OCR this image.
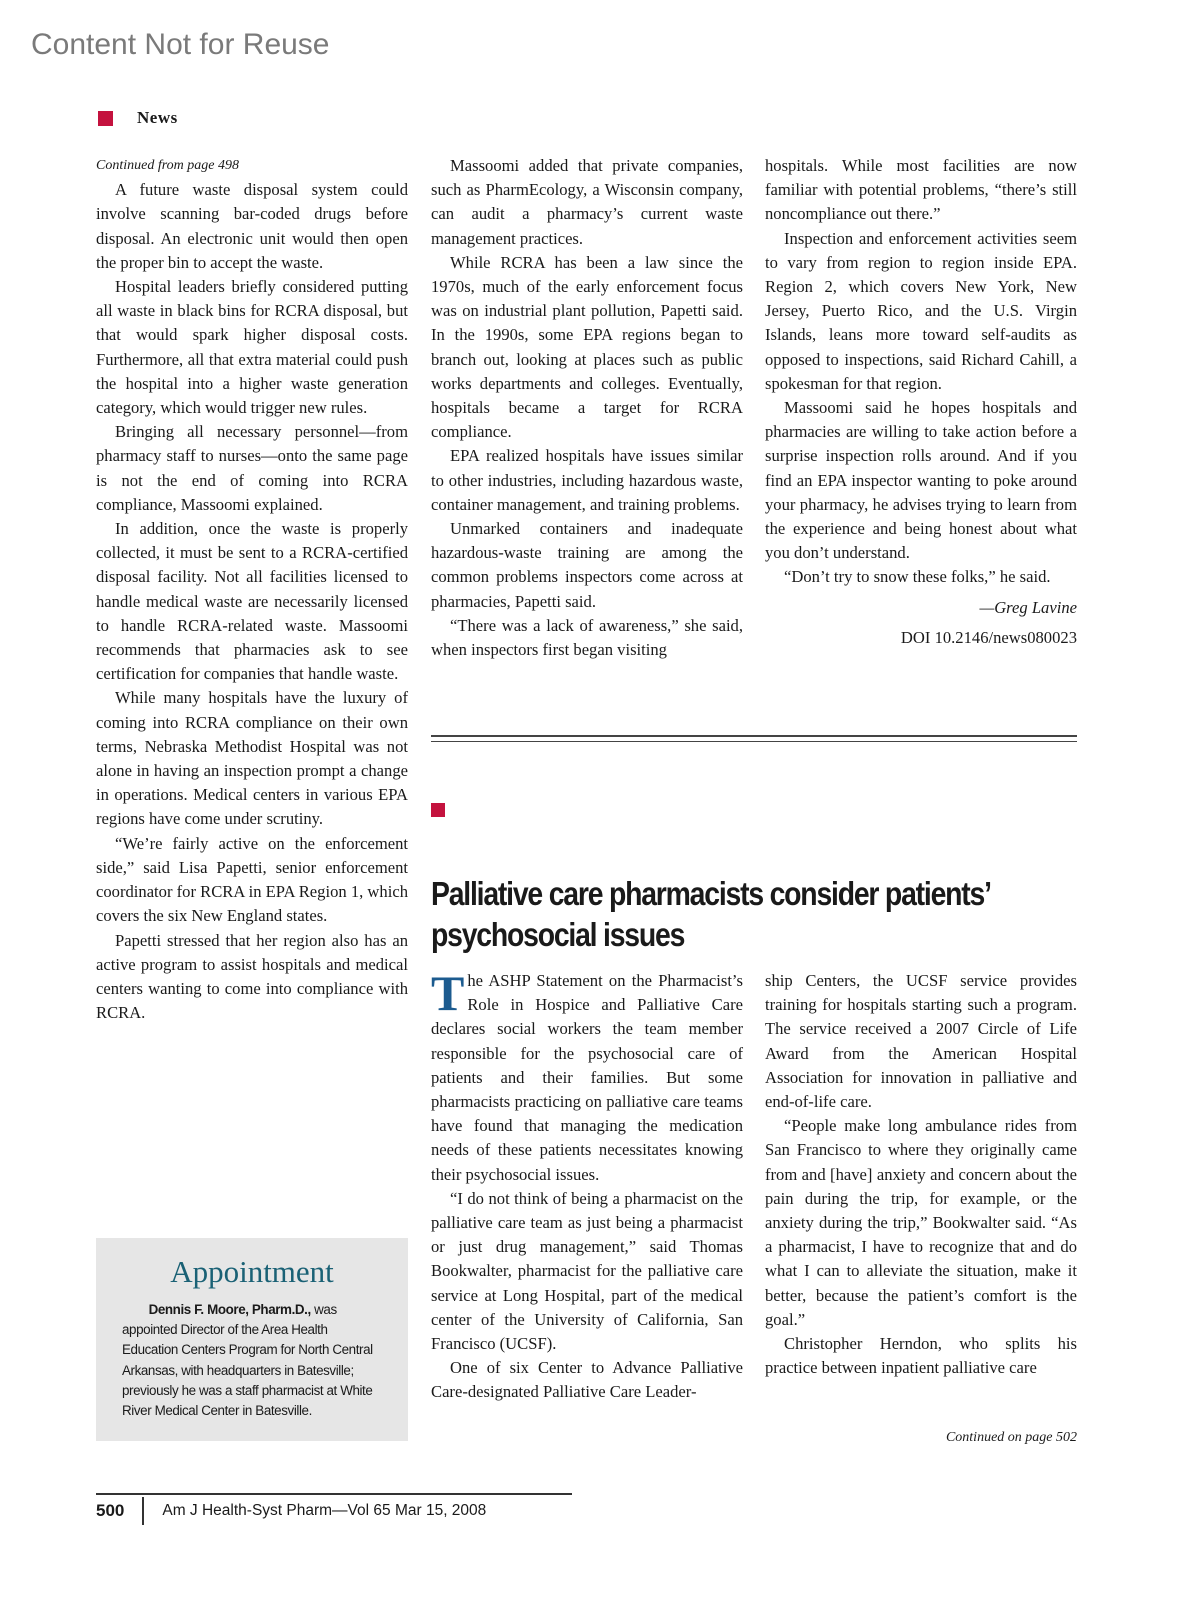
Content Not for Reuse
News

Continued from page 498

A future waste disposal system could involve scanning bar-coded drugs before disposal. An electronic unit would then open the proper bin to accept the waste.

Hospital leaders briefly considered putting all waste in black bins for RCRA disposal, but that would spark higher disposal costs. Furthermore, all that extra material could push the hospital into a higher waste generation category, which would trigger new rules.

Bringing all necessary personnel—from pharmacy staff to nurses—onto the same page is not the end of coming into RCRA compliance, Massoomi explained.

In addition, once the waste is properly collected, it must be sent to a RCRA-certified disposal facility. Not all facilities licensed to handle medical waste are necessarily licensed to handle RCRA-related waste. Massoomi recommends that pharmacies ask to see certification for companies that handle waste.

While many hospitals have the luxury of coming into RCRA compliance on their own terms, Nebraska Methodist Hospital was not alone in having an inspection prompt a change in operations. Medical centers in various EPA regions have come under scrutiny.

“We’re fairly active on the enforcement side,” said Lisa Papetti, senior enforcement coordinator for RCRA in EPA Region 1, which covers the six New England states.

Papetti stressed that her region also has an active program to assist hospitals and medical centers wanting to come into compliance with RCRA.

Massoomi added that private companies, such as PharmEcology, a Wisconsin company, can audit a pharmacy’s current waste management practices.

While RCRA has been a law since the 1970s, much of the early enforcement focus was on industrial plant pollution, Papetti said. In the 1990s, some EPA regions began to branch out, looking at places such as public works departments and colleges. Eventually, hospitals became a target for RCRA compliance.

EPA realized hospitals have issues similar to other industries, including hazardous waste, container management, and training problems.

Unmarked containers and inadequate hazardous-waste training are among the common problems inspectors come across at pharmacies, Papetti said.

“There was a lack of awareness,” she said, when inspectors first began visiting

hospitals. While most facilities are now familiar with potential problems, “there’s still noncompliance out there.”

Inspection and enforcement activities seem to vary from region to region inside EPA. Region 2, which covers New York, New Jersey, Puerto Rico, and the U.S. Virgin Islands, leans more toward self-audits as opposed to inspections, said Richard Cahill, a spokesman for that region.

Massoomi said he hopes hospitals and pharmacies are willing to take action before a surprise inspection rolls around. And if you find an EPA inspector wanting to poke around your pharmacy, he advises trying to learn from the experience and being honest about what you don’t understand.

“Don’t try to snow these folks,” he said.

—Greg Lavine
DOI 10.2146/news080023
Palliative care pharmacists consider patients’ psychosocial issues

The ASHP Statement on the Pharmacist’s Role in Hospice and Palliative Care declares social workers the team member responsible for the psychosocial care of patients and their families. But some pharmacists practicing on palliative care teams have found that managing the medication needs of these patients necessitates knowing their psychosocial issues.

“I do not think of being a pharmacist on the palliative care team as just being a pharmacist or just drug management,” said Thomas Bookwalter, pharmacist for the palliative care service at Long Hospital, part of the medical center of the University of California, San Francisco (UCSF).

One of six Center to Advance Palliative Care-designated Palliative Care Leader-

ship Centers, the UCSF service provides training for hospitals starting such a program. The service received a 2007 Circle of Life Award from the American Hospital Association for innovation in palliative and end-of-life care.

“People make long ambulance rides from San Francisco to where they originally came from and [have] anxiety and concern about the pain during the trip, for example, or the anxiety during the trip,” Bookwalter said. “As a pharmacist, I have to recognize that and do what I can to alleviate the situation, make it better, because the patient’s comfort is the goal.”

Christopher Herndon, who splits his practice between inpatient palliative care

Continued on page 502
Appointment
Dennis F. Moore, Pharm.D., was appointed Director of the Area Health Education Centers Program for North Central Arkansas, with headquarters in Batesville; previously he was a staff pharmacist at White River Medical Center in Batesville.
500 Am J Health-Syst Pharm—Vol 65 Mar 15, 2008
